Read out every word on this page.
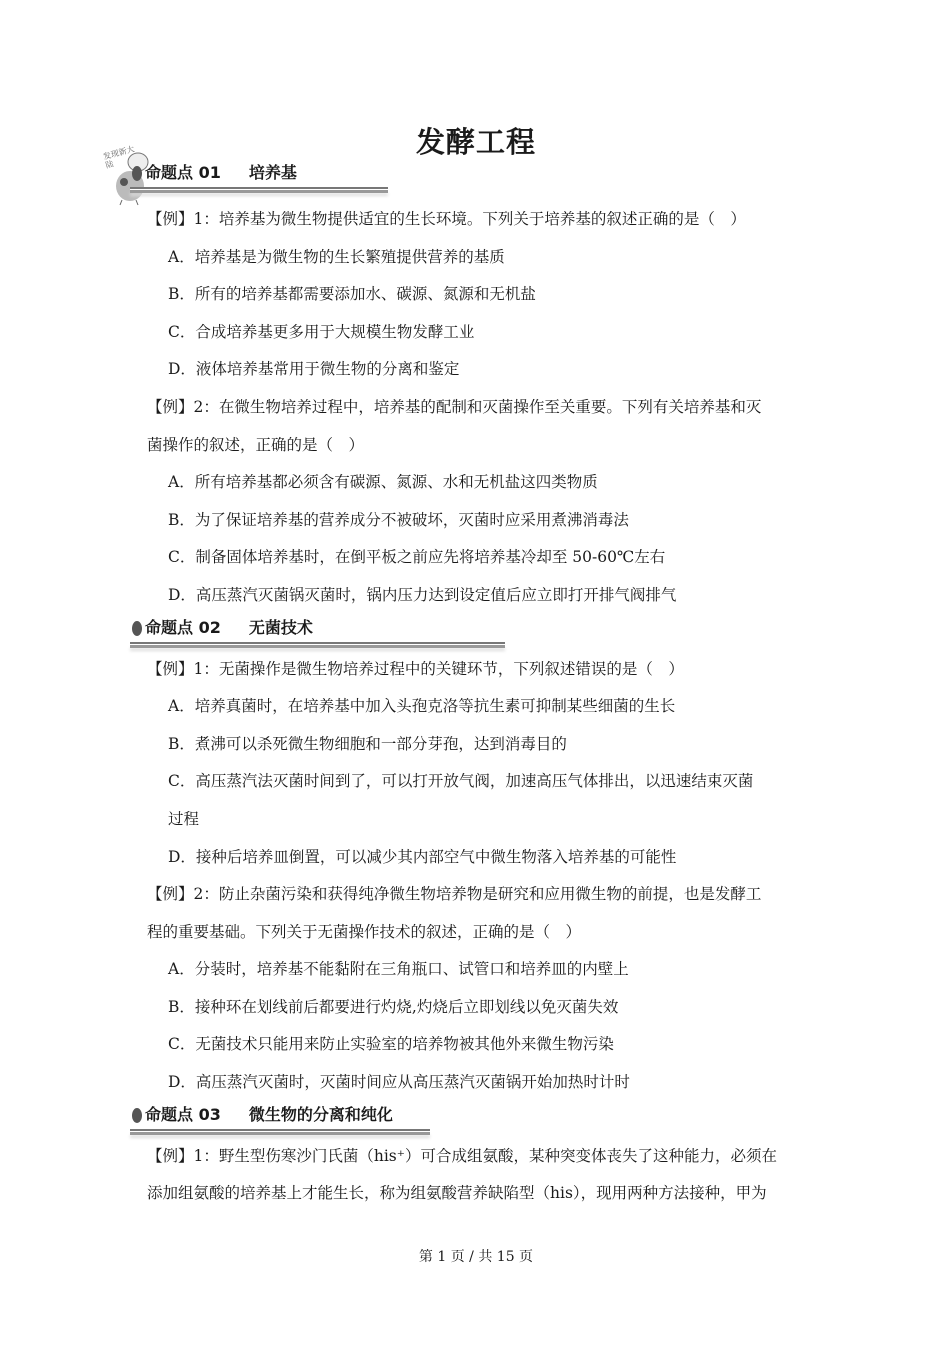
发现新大陆
发酵工程
命题点 01 培养基
【例】1：培养基为微生物提供适宜的生长环境。下列关于培养基的叙述正确的是（　）
A．培养基是为微生物的生长繁殖提供营养的基质
B．所有的培养基都需要添加水、碳源、氮源和无机盐
C．合成培养基更多用于大规模生物发酵工业
D．液体培养基常用于微生物的分离和鉴定
【例】2：在微生物培养过程中，培养基的配制和灭菌操作至关重要。下列有关培养基和灭
菌操作的叙述，正确的是（　）
A．所有培养基都必须含有碳源、氮源、水和无机盐这四类物质
B．为了保证培养基的营养成分不被破坏，灭菌时应采用煮沸消毒法
C．制备固体培养基时，在倒平板之前应先将培养基冷却至 50-60℃左右
D．高压蒸汽灭菌锅灭菌时，锅内压力达到设定值后应立即打开排气阀排气
命题点 02 无菌技术
【例】1：无菌操作是微生物培养过程中的关键环节，下列叙述错误的是（　）
A．培养真菌时，在培养基中加入头孢克洛等抗生素可抑制某些细菌的生长
B．煮沸可以杀死微生物细胞和一部分芽孢，达到消毒目的
C．高压蒸汽法灭菌时间到了，可以打开放气阀，加速高压气体排出，以迅速结束灭菌
过程
D．接种后培养皿倒置，可以减少其内部空气中微生物落入培养基的可能性
【例】2：防止杂菌污染和获得纯净微生物培养物是研究和应用微生物的前提，也是发酵工
程的重要基础。下列关于无菌操作技术的叙述，正确的是（　）
A．分装时，培养基不能黏附在三角瓶口、试管口和培养皿的内壁上
B．接种环在划线前后都要进行灼烧,灼烧后立即划线以免灭菌失效
C．无菌技术只能用来防止实验室的培养物被其他外来微生物污染
D．高压蒸汽灭菌时，灭菌时间应从高压蒸汽灭菌锅开始加热时计时
命题点 03 微生物的分离和纯化
【例】1：野生型伤寒沙门氏菌（his⁺）可合成组氨酸，某种突变体丧失了这种能力，必须在
添加组氨酸的培养基上才能生长，称为组氨酸营养缺陷型（his），现用两种方法接种，甲为
第 1 页 / 共 15 页
